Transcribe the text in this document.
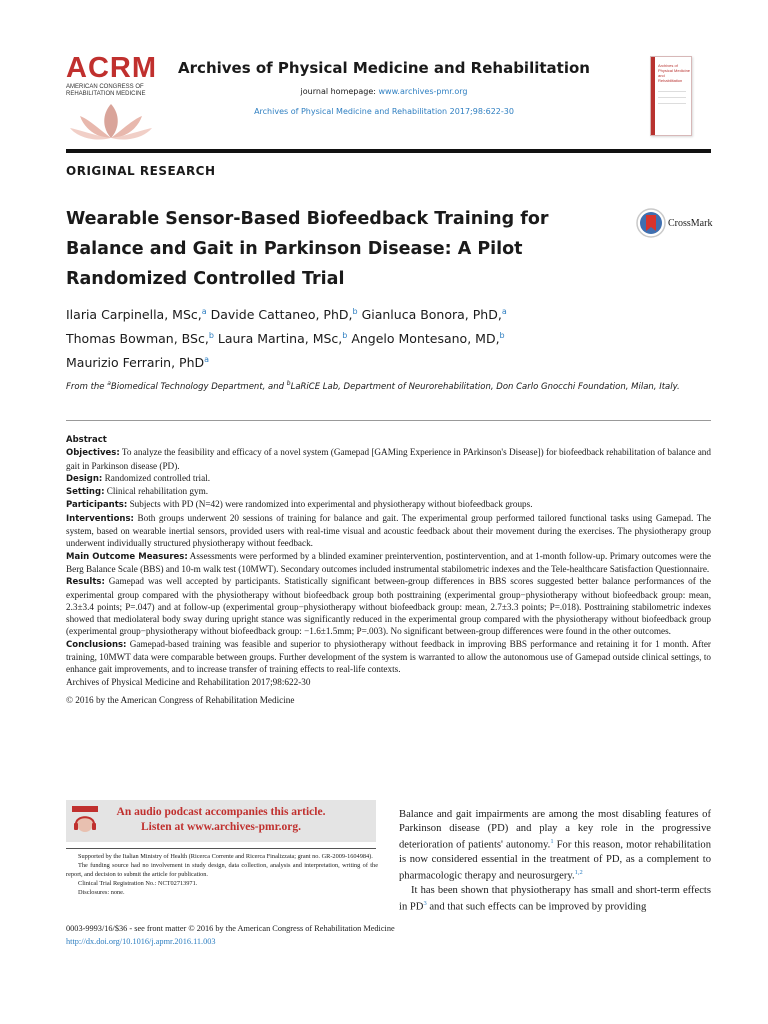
ACRM
AMERICAN CONGRESS OF
REHABILITATION MEDICINE
Archives of Physical Medicine and Rehabilitation
journal homepage: www.archives-pmr.org
Archives of Physical Medicine and Rehabilitation 2017;98:622-30
Archives of Physical Medicine and Rehabilitation
ORIGINAL RESEARCH
Wearable Sensor-Based Biofeedback Training for Balance and Gait in Parkinson Disease: A Pilot Randomized Controlled Trial
CrossMark
Ilaria Carpinella, MSc,$^a$ Davide Cattaneo, PhD,$^b$ Gianluca Bonora, PhD,$^a$
Thomas Bowman, BSc,$^b$ Laura Martina, MSc,$^b$ Angelo Montesano, MD,$^b$
Maurizio Ferrarin, PhD$^a$
From the $^a$Biomedical Technology Department, and $^b$LaRiCE Lab, Department of Neurorehabilitation, Don Carlo Gnocchi Foundation, Milan, Italy.

Abstract

Objectives: To analyze the feasibility and efficacy of a novel system (Gamepad [GAMing Experience in PArkinson's Disease]) for biofeedback rehabilitation of balance and gait in Parkinson disease (PD).

Design: Randomized controlled trial.

Setting: Clinical rehabilitation gym.

Participants: Subjects with PD (N=42) were randomized into experimental and physiotherapy without biofeedback groups.

Interventions: Both groups underwent 20 sessions of training for balance and gait. The experimental group performed tailored functional tasks using Gamepad. The system, based on wearable inertial sensors, provided users with real-time visual and acoustic feedback about their movement during the exercises. The physiotherapy group underwent individually structured physiotherapy without feedback.

Main Outcome Measures: Assessments were performed by a blinded examiner preintervention, postintervention, and at 1-month follow-up. Primary outcomes were the Berg Balance Scale (BBS) and 10-m walk test (10MWT). Secondary outcomes included instrumental stabilometric indexes and the Tele-healthcare Satisfaction Questionnaire.

Results: Gamepad was well accepted by participants. Statistically significant between-group differences in BBS scores suggested better balance performances of the experimental group compared with the physiotherapy without biofeedback group both posttraining (experimental group−physiotherapy without biofeedback group: mean, 2.3±3.4 points; P=.047) and at follow-up (experimental group−physiotherapy without biofeedback group: mean, 2.7±3.3 points; P=.018). Posttraining stabilometric indexes showed that mediolateral body sway during upright stance was significantly reduced in the experimental group compared with the physiotherapy without biofeedback group (experimental group−physiotherapy without biofeedback group: −1.6±1.5mm; P=.003). No significant between-group differences were found in the other outcomes.

Conclusions: Gamepad-based training was feasible and superior to physiotherapy without feedback in improving BBS performance and retaining it for 1 month. After training, 10MWT data were comparable between groups. Further development of the system is warranted to allow the autonomous use of Gamepad outside clinical settings, to enhance gait improvements, and to increase transfer of training effects to real-life contexts.

Archives of Physical Medicine and Rehabilitation 2017;98:622-30

© 2016 by the American Congress of Rehabilitation Medicine

An audio podcast accompanies this article.
Listen at www.archives-pmr.org.

Supported by the Italian Ministry of Health (Ricerca Corrente and Ricerca Finalizzata; grant no. GR-2009-1604984).

The funding source had no involvement in study design, data collection, analysis and interpretation, writing of the report, and decision to submit the article for publication.

Clinical Trial Registration No.: NCT02713971.

Disclosures: none.

Balance and gait impairments are among the most disabling features of Parkinson disease (PD) and play a key role in the progressive deterioration of patients' autonomy.$^1$ For this reason, motor rehabilitation is now considered essential in the treatment of PD, as a complement to pharmacologic therapy and neurosurgery.$^{1,2}$

It has been shown that physiotherapy has small and short-term effects in $PD^3$ and that such effects can be improved by providing

0003-9993/16/$36 - see front matter © 2016 by the American Congress of Rehabilitation Medicine
http://dx.doi.org/10.1016/j.apmr.2016.11.003
